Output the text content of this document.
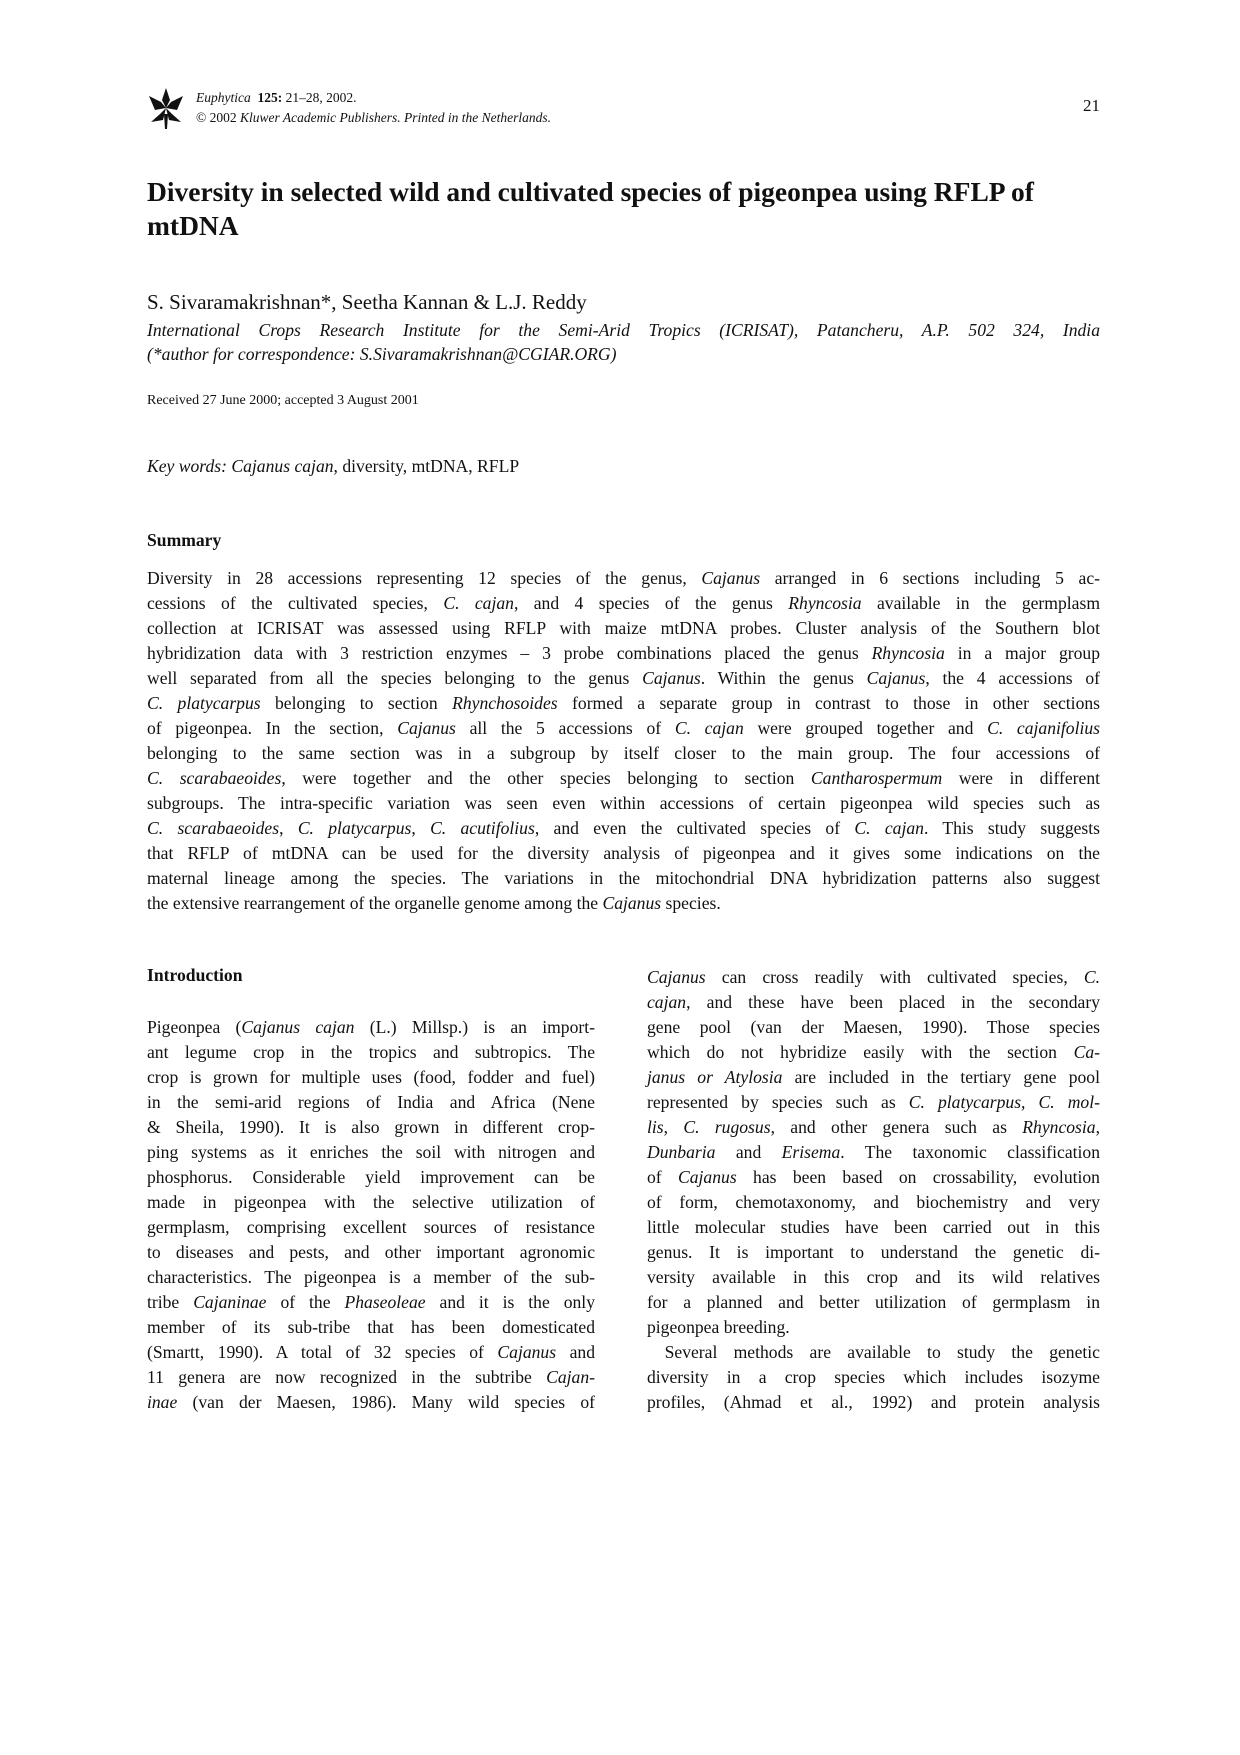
Euphytica 125: 21–28, 2002.
© 2002 Kluwer Academic Publishers. Printed in the Netherlands.
21
Diversity in selected wild and cultivated species of pigeonpea using RFLP of mtDNA
S. Sivaramakrishnan*, Seetha Kannan & L.J. Reddy
International Crops Research Institute for the Semi-Arid Tropics (ICRISAT), Patancheru, A.P. 502 324, India
(*author for correspondence: S.Sivaramakrishnan@CGIAR.ORG)
Received 27 June 2000; accepted 3 August 2001
Key words: Cajanus cajan, diversity, mtDNA, RFLP
Summary
Diversity in 28 accessions representing 12 species of the genus, Cajanus arranged in 6 sections including 5 ac-
cessions of the cultivated species, C. cajan, and 4 species of the genus Rhyncosia available in the germplasm
collection at ICRISAT was assessed using RFLP with maize mtDNA probes. Cluster analysis of the Southern blot
hybridization data with 3 restriction enzymes – 3 probe combinations placed the genus Rhyncosia in a major group
well separated from all the species belonging to the genus Cajanus. Within the genus Cajanus, the 4 accessions of
C. platycarpus belonging to section Rhynchosoides formed a separate group in contrast to those in other sections
of pigeonpea. In the section, Cajanus all the 5 accessions of C. cajan were grouped together and C. cajanifolius
belonging to the same section was in a subgroup by itself closer to the main group. The four accessions of
C. scarabaeoides, were together and the other species belonging to section Cantharospermum were in different
subgroups. The intra-specific variation was seen even within accessions of certain pigeonpea wild species such as
C. scarabaeoides, C. platycarpus, C. acutifolius, and even the cultivated species of C. cajan. This study suggests
that RFLP of mtDNA can be used for the diversity analysis of pigeonpea and it gives some indications on the
maternal lineage among the species. The variations in the mitochondrial DNA hybridization patterns also suggest
the extensive rearrangement of the organelle genome among the Cajanus species.
Introduction
Pigeonpea (Cajanus cajan (L.) Millsp.) is an import-
ant legume crop in the tropics and subtropics. The
crop is grown for multiple uses (food, fodder and fuel)
in the semi-arid regions of India and Africa (Nene
& Sheila, 1990). It is also grown in different crop-
ping systems as it enriches the soil with nitrogen and
phosphorus. Considerable yield improvement can be
made in pigeonpea with the selective utilization of
germplasm, comprising excellent sources of resistance
to diseases and pests, and other important agronomic
characteristics. The pigeonpea is a member of the sub-
tribe Cajaninae of the Phaseoleae and it is the only
member of its sub-tribe that has been domesticated
(Smartt, 1990). A total of 32 species of Cajanus and
11 genera are now recognized in the subtribe Cajan-
inae (van der Maesen, 1986). Many wild species of
Cajanus can cross readily with cultivated species, C.
cajan, and these have been placed in the secondary
gene pool (van der Maesen, 1990). Those species
which do not hybridize easily with the section Ca-
janus or Atylosia are included in the tertiary gene pool
represented by species such as C. platycarpus, C. mol-
lis, C. rugosus, and other genera such as Rhyncosia,
Dunbaria and Erisema. The taxonomic classification
of Cajanus has been based on crossability, evolution
of form, chemotaxonomy, and biochemistry and very
little molecular studies have been carried out in this
genus. It is important to understand the genetic di-
versity available in this crop and its wild relatives
for a planned and better utilization of germplasm in
pigeonpea breeding.
 Several methods are available to study the genetic
diversity in a crop species which includes isozyme
profiles, (Ahmad et al., 1992) and protein analysis
